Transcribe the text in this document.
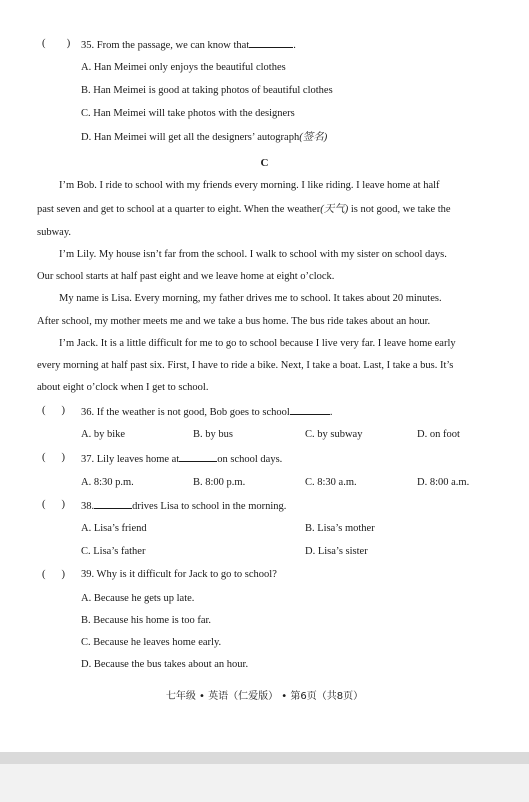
( ) 35. From the passage, we can know that	.
A. Han Meimei only enjoys the beautiful clothes
B. Han Meimei is good at taking photos of beautiful clothes
C. Han Meimei will take photos with the designers
D. Han Meimei will get all the designers’ autograph(签名)
C
I’m Bob. I ride to school with my friends every morning. I like riding. I leave home at half
past seven and get to school at a quarter to eight. When the weather(天气) is not good, we take the
subway.
I’m Lily. My house isn’t far from the school. I walk to school with my sister on school days.
Our school starts at half past eight and we leave home at eight o’clock.
My name is Lisa. Every morning, my father drives me to school. It takes about 20 minutes.
After school, my mother meets me and we take a bus home. The bus ride takes about an hour.
I’m Jack. It is a little difficult for me to go to school because I live very far. I leave home early
every morning at half past six. First, I have to ride a bike. Next, I take a boat. Last, I take a bus. It’s
about eight o’clock when I get to school.
( ) 36. If the weather is not good, Bob goes to school	.
A. by bike	B. by bus	C. by subway	D. on foot
( ) 37. Lily leaves home at	on school days.
A. 8:30 p.m.	B. 8:00 p.m.	C. 8:30 a.m.	D. 8:00 a.m.
( ) 38.	drives Lisa to school in the morning.
A. Lisa’s friend	B. Lisa’s mother
C. Lisa’s father	D. Lisa’s sister
( ) 39. Why is it difficult for Jack to go to school?
A. Because he gets up late.
B. Because his home is too far.
C. Because he leaves home early.
D. Because the bus takes about an hour.
七年级 • 英语（仁爱版） • 第6页（共8页）
